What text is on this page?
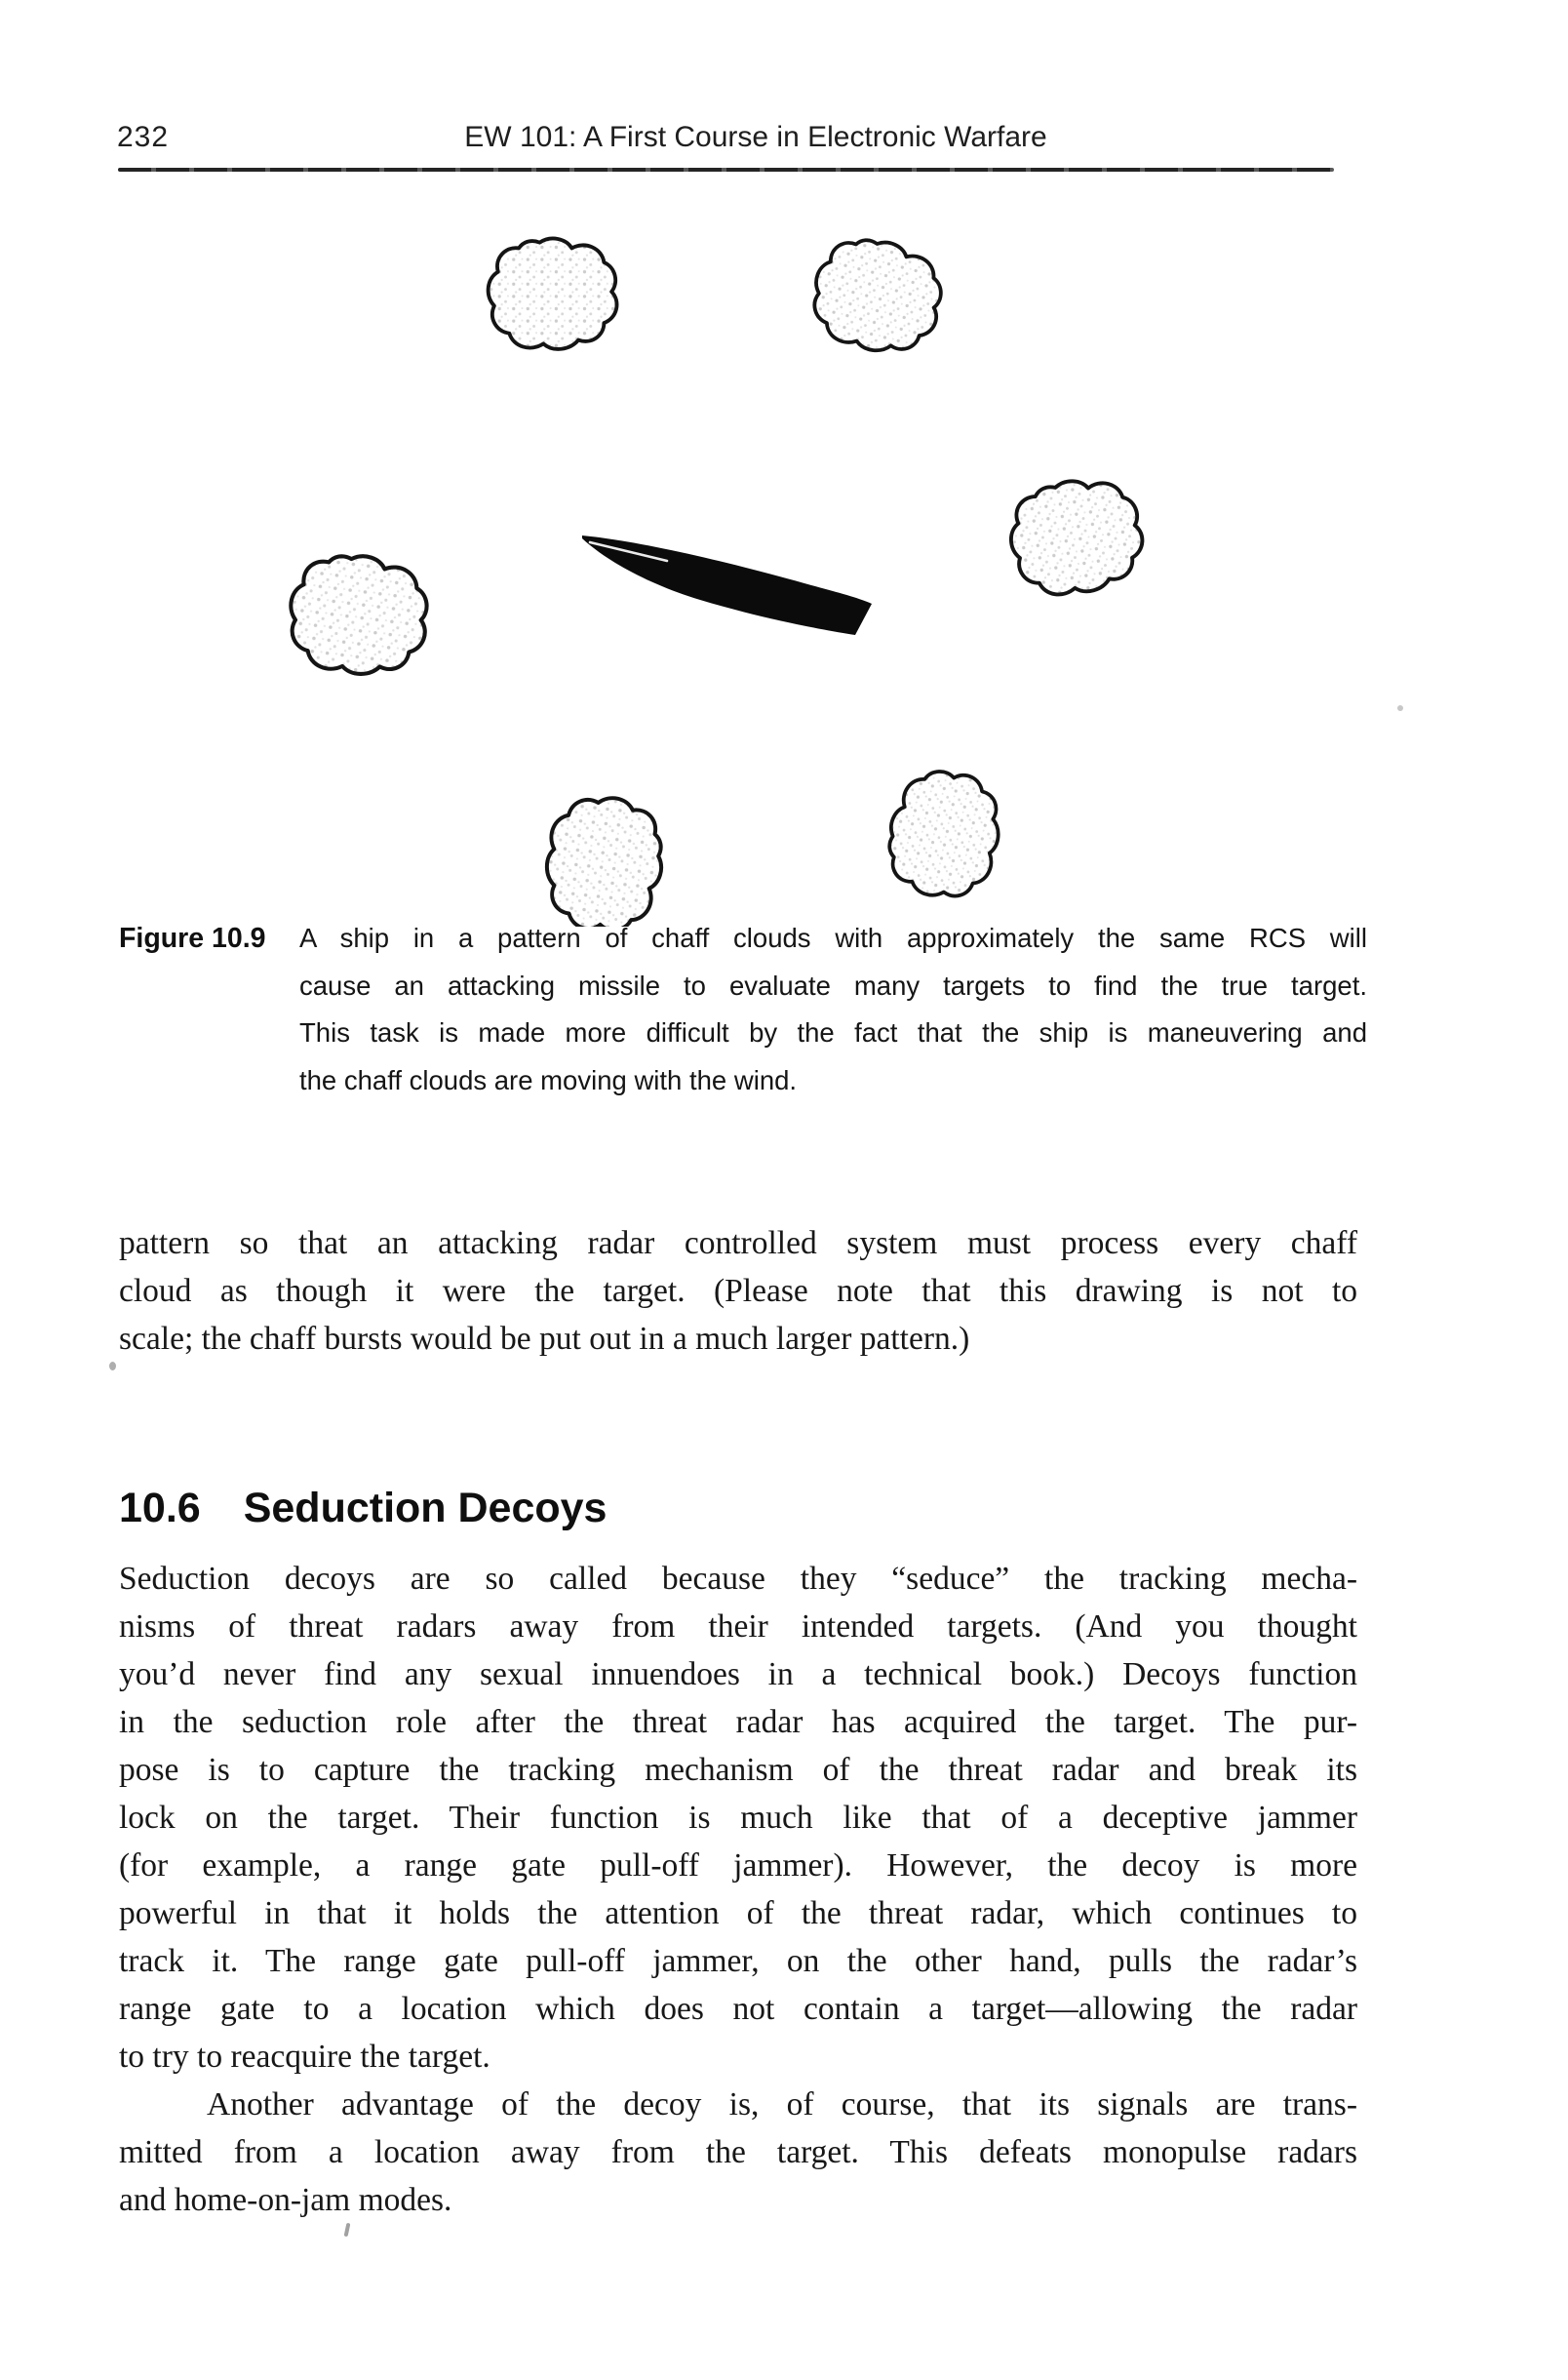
232	EW 101: A First Course in Electronic Warfare
Figure 10.9 A ship in a pattern of chaff clouds with approximately the same RCS will
cause an attacking missile to evaluate many targets to find the true target.
This task is made more difficult by the fact that the ship is maneuvering and
the chaff clouds are moving with the wind.
pattern so that an attacking radar controlled system must process every chaff
cloud as though it were the target. (Please note that this drawing is not to
scale; the chaff bursts would be put out in a much larger pattern.)
10.6 Seduction Decoys
Seduction decoys are so called because they “seduce” the tracking mecha-
nisms of threat radars away from their intended targets. (And you thought
you’d never find any sexual innuendoes in a technical book.) Decoys function
in the seduction role after the threat radar has acquired the target. The pur-
pose is to capture the tracking mechanism of the threat radar and break its
lock on the target. Their function is much like that of a deceptive jammer
(for example, a range gate pull-off jammer). However, the decoy is more
powerful in that it holds the attention of the threat radar, which continues to
track it. The range gate pull-off jammer, on the other hand, pulls the radar’s
range gate to a location which does not contain a target—allowing the radar
to try to reacquire the target.
Another advantage of the decoy is, of course, that its signals are trans-
mitted from a location away from the target. This defeats monopulse radars
and home-on-jam modes.
